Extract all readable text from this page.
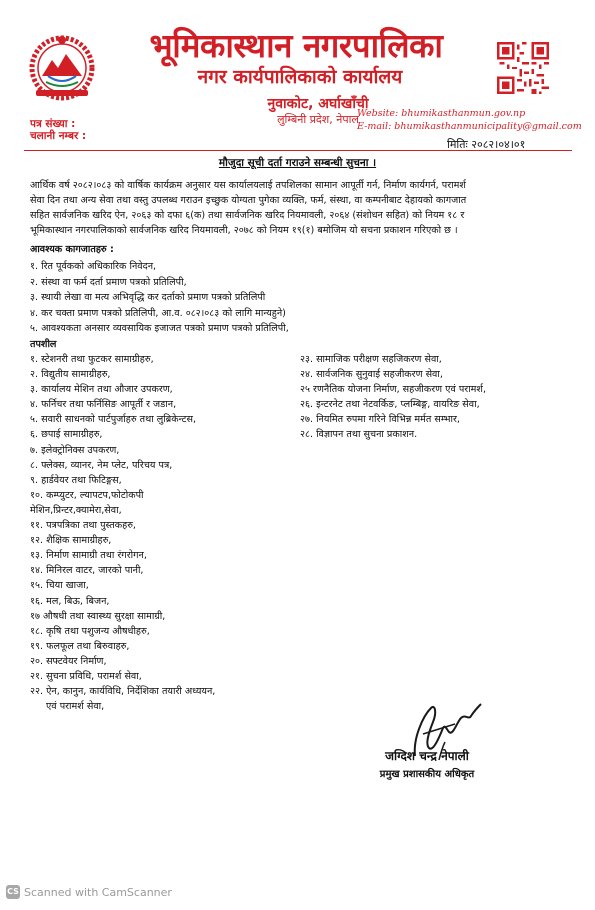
भूमिकास्थान नगरपालिका
नगर कार्यपालिकाको कार्यालय
नुवाकोट, अर्घाखाँची
लुम्बिनी प्रदेश, नेपाल
Website: bhumikasthanmun.gov.np
E-mail: bhumikasthanmunicipality@gmail.com
पत्र संख्या :
चलानी नम्बर :
मितिः २०८२।०४।०१
मौजुदा सूची दर्ता गराउने सम्बन्धी सुचना ।
आर्थिक वर्ष २०८२।०८३ को वार्षिक कार्यक्रम अनुसार यस कार्यालयलाई तपशिलका सामान आपूर्ती गर्न, निर्माण कार्यगर्न, परामर्श
सेवा दिन तथा अन्य सेवा तथा वस्तु उपलब्ध गराउन इच्छुक योग्यता पुगेका व्यक्ति, फर्म, संस्था, वा कम्पनीबाट देहायको कागजात
सहित सार्वजनिक खरिद ऐन, २०६३ को दफा ६(क) तथा सार्वजनिक खरिद नियमावली, २०६४ (संशोधन सहित) को नियम १८ र
भूमिकास्थान नगरपालिकाको सार्वजनिक खरिद नियमावली, २०७८ को नियम १९(१) बमोजिम यो सचना प्रकाशन गरिएको छ ।
आवश्यक कागजातहरु :
१. रित पूर्वकको अधिकारिक निवेदन,
२. संस्था वा फर्म दर्ता प्रमाण पत्रको प्रतिलिपी,
३. स्थायी लेखा वा मत्य अभिवृद्धि कर दर्ताको प्रमाण पत्रको प्रतिलिपी
४. कर चक्ता प्रमाण पत्रको प्रतिलिपी, आ.व. ०८२।०८३ को लागि मान्यहुने)
५. आवश्यकता अनसार व्यवसायिक इजाजत पत्रको प्रमाण पत्रको प्रतिलिपी,
तपशील
१. स्टेशनरी तथा फुटकर सामाग्रीहरु,
२. विद्युतीय सामाग्रीहरु,
३. कार्यालय मेशिन तथा औजार उपकरण,
४. फर्निचर तथा फर्निसिङ आपूर्ती र जडान,
५. सवारी साधनको पार्टपुर्जाहरु तथा लुब्रिकेन्टस,
६. छपाई सामाग्रीहरु,
७. इलेक्ट्रोनिक्स उपकरण,
८. फ्लेक्स, व्यानर, नेम प्लेट, परिचय पत्र,
९. हार्डवेयर तथा फिटिङ्गस,
१०. कम्प्युटर, ल्यापटप,फोटोकपी
मेशिन,प्रिन्टर,क्यामेरा,सेवा,
११. पत्रपत्रिका तथा पुस्तकहरु,
१२. शैक्षिक सामाग्रीहरु,
१३. निर्माण सामाग्री तथा रंगरोगन,
१४. मिनिरल वाटर, जारको पानी,
१५. चिया खाजा,
१६. मल, बिऊ, बिजन,
१७ औषधी तथा स्वास्थ्य सुरक्षा सामाग्री,
१८. कृषि तथा पशुजन्य औषधीहरु,
१९. फलफूल तथा बिरुवाहरु,
२०. सफ्टवेयर निर्माण,
२१. सुचना प्रविधि, परामर्श सेवा,
२२. ऐन, कानुन, कार्यविधि, निर्देशिका तयारी अध्ययन,
एवं परामर्श सेवा,
२३. सामाजिक परीक्षण सहजिकरण सेवा,
२४. सार्वजनिक सुनुवाई सहजीकरण सेवा,
२५ रणनैतिक योजना निर्माण, सहजीकरण एवं परामर्श,
२६. इन्टरनेट तथा नेटवर्किङ, प्लम्बिङ्ग, वायरिङ सेवा,
२७. नियमित रुपमा गरिने विभिन्न मर्मत सम्भार,
२८. विज्ञापन तथा सुचना प्रकाशन.
जग्दिश चन्द्र नेपाली
प्रमुख प्रशासकीय अधिकृत
CS Scanned with CamScanner
